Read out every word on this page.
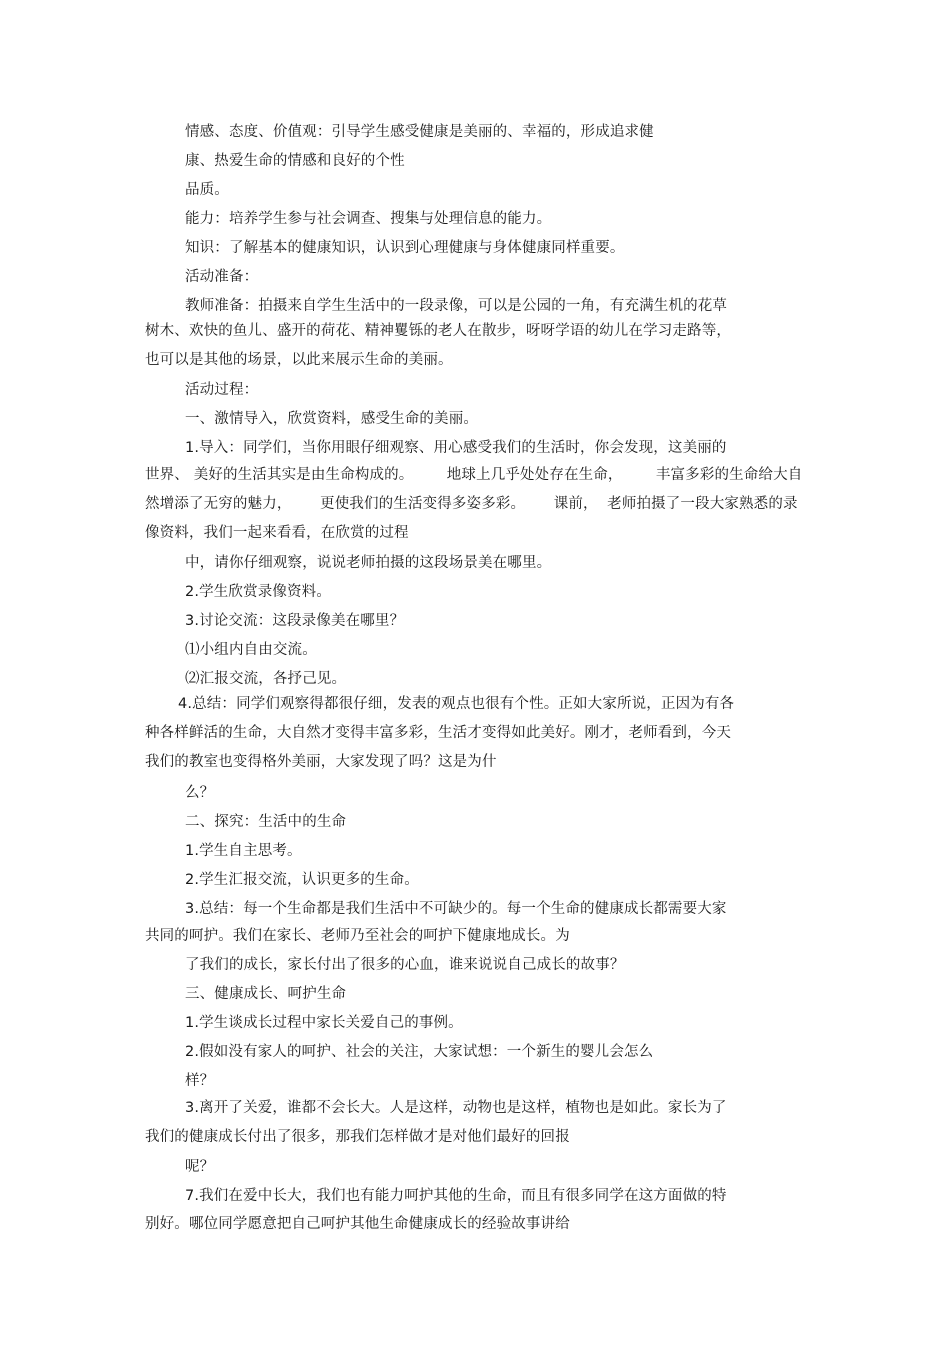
情感、态度、价值观：引导学生感受健康是美丽的、幸福的，形成追求健
康、热爱生命的情感和良好的个性
品质。
能力：培养学生参与社会调查、搜集与处理信息的能力。
知识：了解基本的健康知识，认识到心理健康与身体健康同样重要。
活动准备：
教师准备：拍摄来自学生生活中的一段录像，可以是公园的一角，有充满生机的花草
树木、欢快的鱼儿、盛开的荷花、精神矍铄的老人在散步，呀呀学语的幼儿在学习走路等，
也可以是其他的场景，以此来展示生命的美丽。
活动过程：
一、激情导入，欣赏资料，感受生命的美丽。
1.导入：同学们，当你用眼仔细观察、用心感受我们的生活时，你会发现，这美丽的
世界、 美好的生活其实是由生命构成的。       地球上几乎处处存在生命，       丰富多彩的生命给大自
然增添了无穷的魅力，      更使我们的生活变得多姿多彩。      课前，  老师拍摄了一段大家熟悉的录
像资料，我们一起来看看，在欣赏的过程
中，请你仔细观察，说说老师拍摄的这段场景美在哪里。
2.学生欣赏录像资料。
3.讨论交流：这段录像美在哪里？
⑴小组内自由交流。
⑵汇报交流，各抒己见。
4.总结：同学们观察得都很仔细，发表的观点也很有个性。正如大家所说，正因为有各
种各样鲜活的生命，大自然才变得丰富多彩，生活才变得如此美好。刚才，老师看到，今天
我们的教室也变得格外美丽，大家发现了吗？这是为什
么？
二、探究：生活中的生命
1.学生自主思考。
2.学生汇报交流，认识更多的生命。
3.总结：每一个生命都是我们生活中不可缺少的。每一个生命的健康成长都需要大家
共同的呵护。我们在家长、老师乃至社会的呵护下健康地成长。为
了我们的成长，家长付出了很多的心血，谁来说说自己成长的故事？
三、健康成长、呵护生命
1.学生谈成长过程中家长关爱自己的事例。
2.假如没有家人的呵护、社会的关注，大家试想：一个新生的婴儿会怎么
样？
3.离开了关爱，谁都不会长大。人是这样，动物也是这样，植物也是如此。家长为了
我们的健康成长付出了很多，那我们怎样做才是对他们最好的回报
呢？
7.我们在爱中长大，我们也有能力呵护其他的生命，而且有很多同学在这方面做的特
别好。哪位同学愿意把自己呵护其他生命健康成长的经验故事讲给
